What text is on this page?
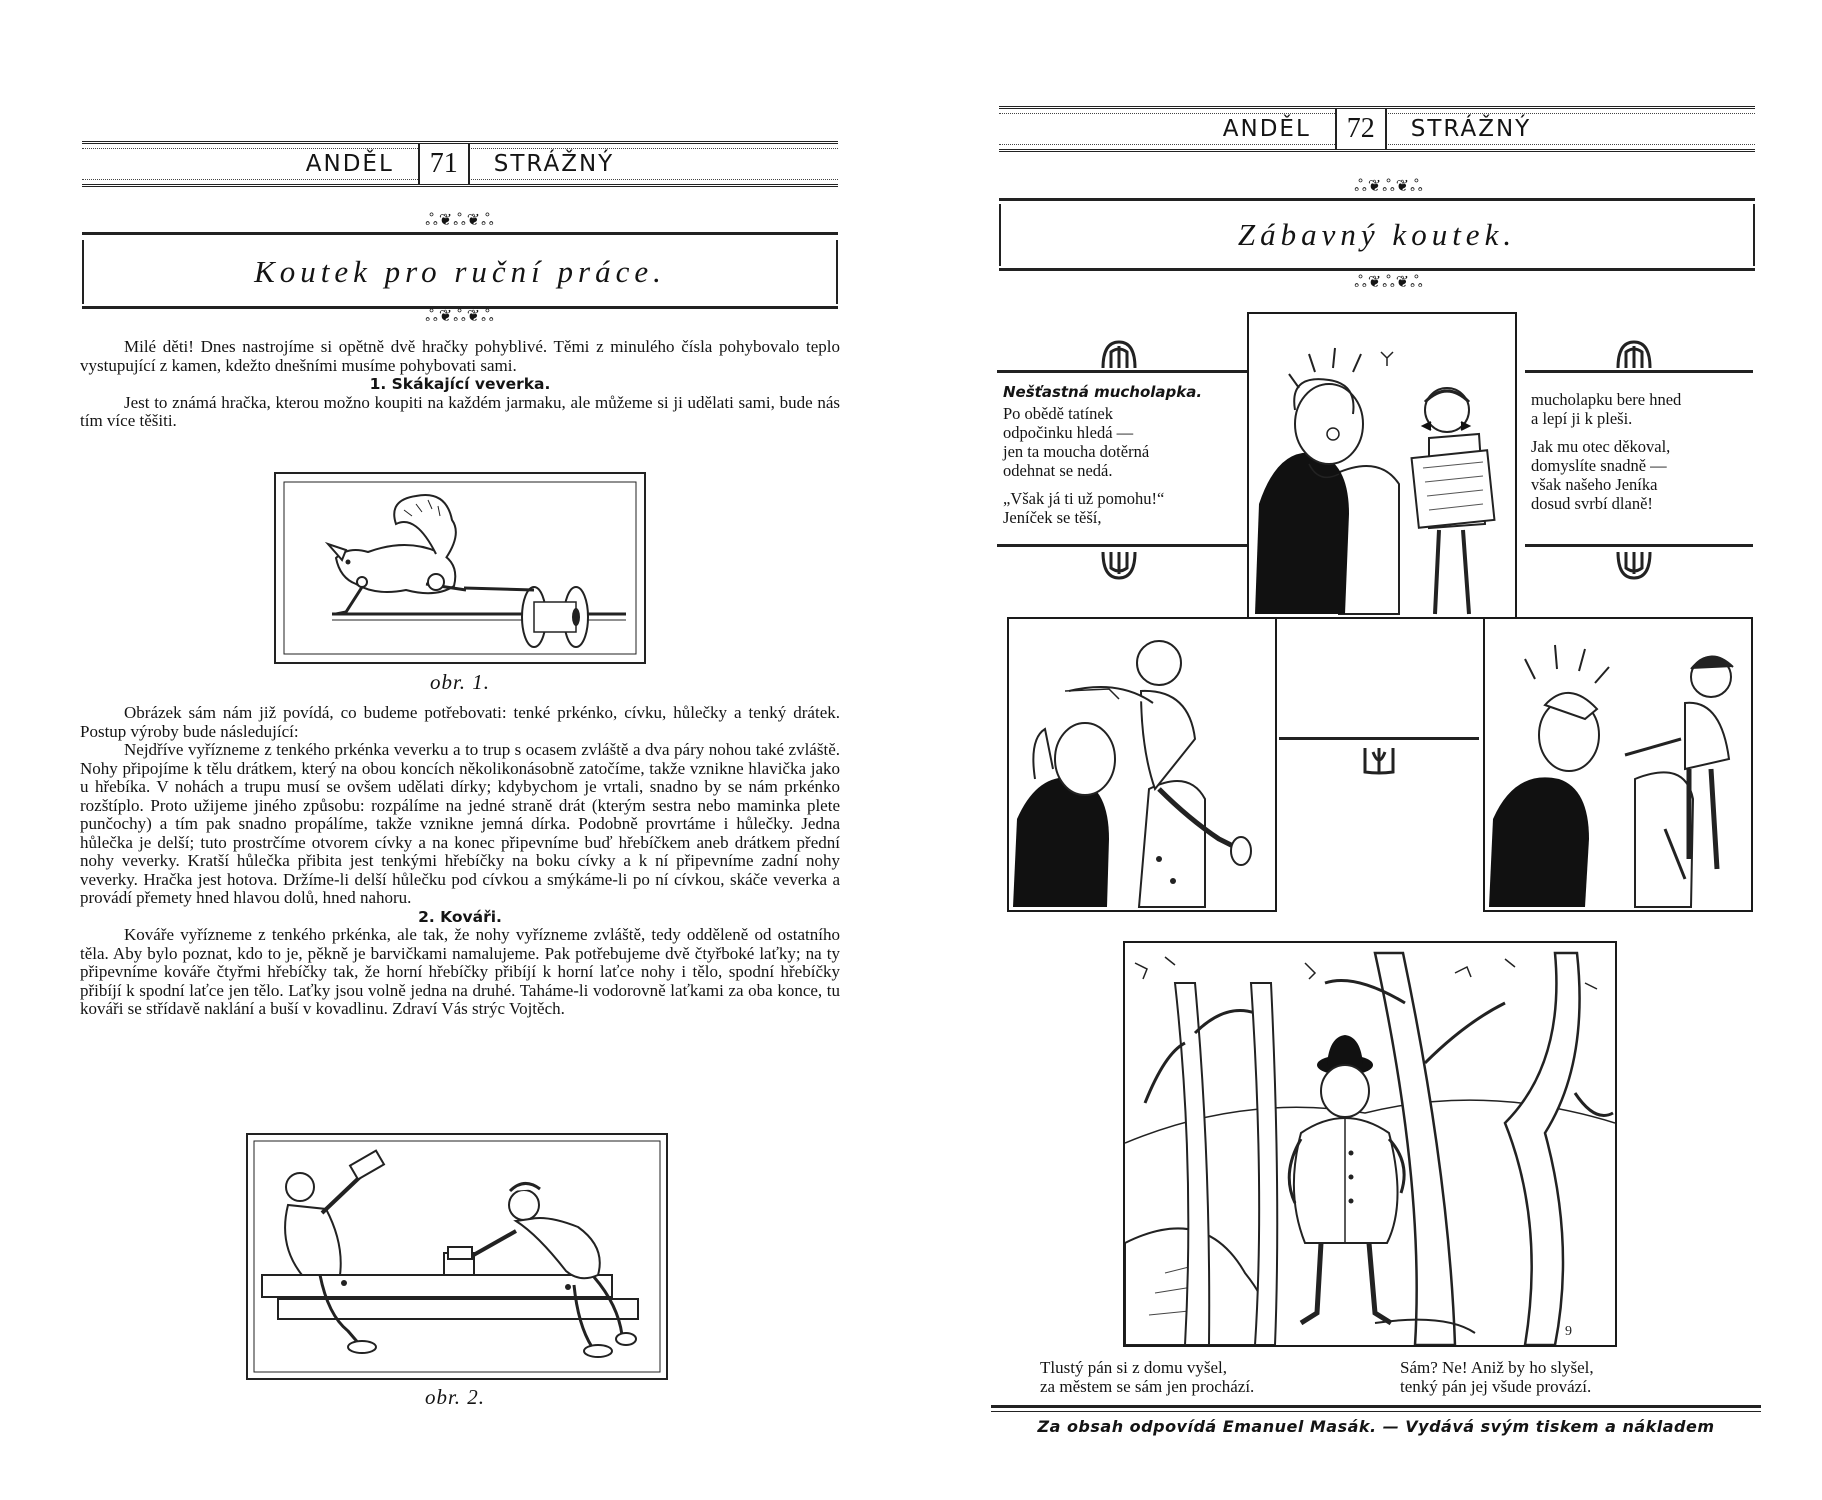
ANDĚL	71	STRÁŽNÝ
ஃ❦ஃ❦ஃ
Koutek pro ruční práce.
ஃ❦ஃ❦ஃ

Milé děti! Dnes nastrojíme si opětně dvě hračky pohyblivé. Těmi z minulého čísla pohybovalo teplo vystupující z kamen, kdežto dnešními musíme pohybovati sami.

1. Skákající veverka.

Jest to známá hračka, kterou možno koupiti na každém jarmaku, ale můžeme si ji udělati sami, bude nás tím více těšiti.

obr. 1.

Obrázek sám nám již povídá, co budeme potřebovati: tenké prkénko, cívku, hůlečky a tenký drátek. Postup výroby bude následující:

Nejdříve vyřízneme z tenkého prkénka veverku a to trup s ocasem zvláště a dva páry nohou také zvláště. Nohy připojíme k tělu drátkem, který na obou koncích několikonásobně zatočíme, takže vznikne hlavička jako u hřebíka. V nohách a trupu musí se ovšem udělati dírky; kdybychom je vrtali, snadno by se nám prkénko rozštíplo. Proto užijeme jiného způsobu: rozpálíme na jedné straně drát (kterým sestra nebo maminka plete punčochy) a tím pak snadno propálíme, takže vznikne jemná dírka. Podobně provrtáme i hůlečky. Jedna hůlečka je delší; tuto prostrčíme otvorem cívky a na konec připevníme buď hřebíčkem aneb drátkem přední nohy veverky. Kratší hůlečka přibita jest tenkými hřebíčky na boku cívky a k ní připevníme zadní nohy veverky. Hračka jest hotova. Držíme-li delší hůlečku pod cívkou a smýkáme-li po ní cívkou, skáče veverka a provádí přemety hned hlavou dolů, hned nahoru.

2. Kováři.

Kováře vyřízneme z tenkého prkénka, ale tak, že nohy vyřízneme zvláště, tedy odděleně od ostatního těla. Aby bylo poznat, kdo to je, pěkně je barvičkami namalujeme. Pak potřebujeme dvě čtyřboké laťky; na ty připevníme kováře čtyřmi hřebíčky tak, že horní hřebíčky přibíjí k horní laťce nohy i tělo, spodní hřebíčky přibíjí k spodní laťce jen tělo. Laťky jsou volně jedna na druhé. Taháme-li vodorovně laťkami za oba konce, tu kováři se střídavě naklání a buší v kovadlinu. Zdraví Vás strýc Vojtěch.

obr. 2.
ANDĚL	72	STRÁŽNÝ
ஃ❦ஃ❦ஃ
Zábavný koutek.
ஃ❦ஃ❦ஃ

Nešťastná mucholapka.

Po obědě tatínek
odpočinku hledá —
jen ta moucha dotěrná
odehnat se nedá.

„Však já ti už pomohu!“
Jeníček se těší,

mucholapku bere hned
a lepí ji k pleši.

Jak mu otec děkoval,
domyslíte snadně —
však našeho Jeníka
dosud svrbí dlaně!

9
Tlustý pán si z domu vyšel,
za městem se sám jen prochází.
Sám? Ne! Aniž by ho slyšel,
tenký pán jej všude provází.
Za obsah odpovídá Emanuel Masák. — Vydává svým tiskem a nákladem
